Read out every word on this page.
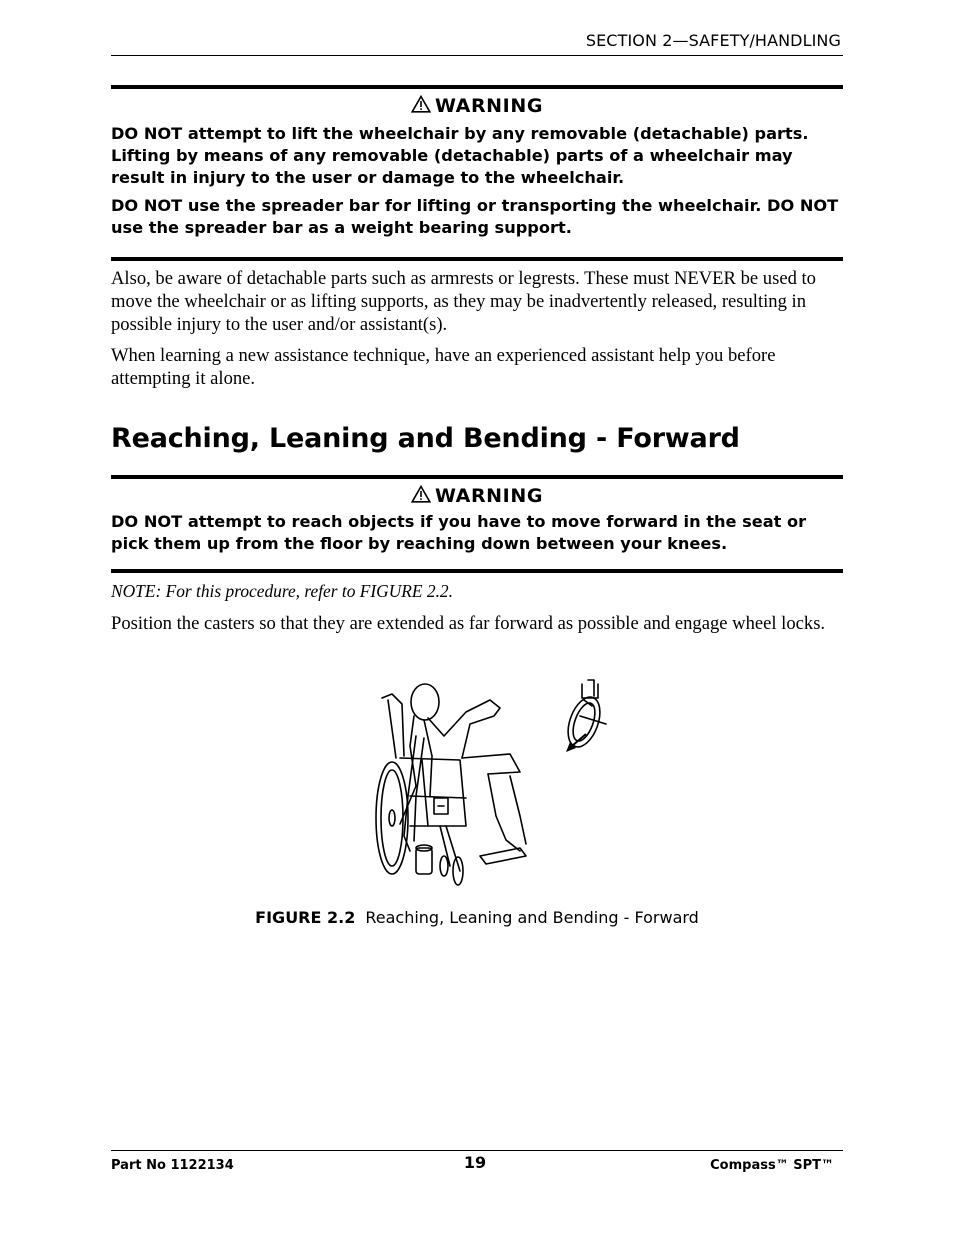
SECTION 2—SAFETY/HANDLING
WARNING

DO NOT attempt to lift the wheelchair by any removable (detachable) parts. Lifting by means of any removable (detachable) parts of a wheelchair may result in injury to the user or damage to the wheelchair.

DO NOT use the spreader bar for lifting or transporting the wheelchair. DO NOT use the spreader bar as a weight bearing support.

Also, be aware of detachable parts such as armrests or legrests. These must NEVER be used to move the wheelchair or as lifting supports, as they may be inadvertently released, resulting in possible injury to the user and/or assistant(s).

When learning a new assistance technique, have an experienced assistant help you before attempting it alone.

Reaching, Leaning and Bending - Forward
WARNING

DO NOT attempt to reach objects if you have to move forward in the seat or pick them up from the floor by reaching down between your knees.

NOTE: For this procedure, refer to FIGURE 2.2.

Position the casters so that they are extended as far forward as possible and engage wheel locks.

FIGURE 2.2 Reaching, Leaning and Bending - Forward
Part No 1122134	19	Compass™ SPT™
